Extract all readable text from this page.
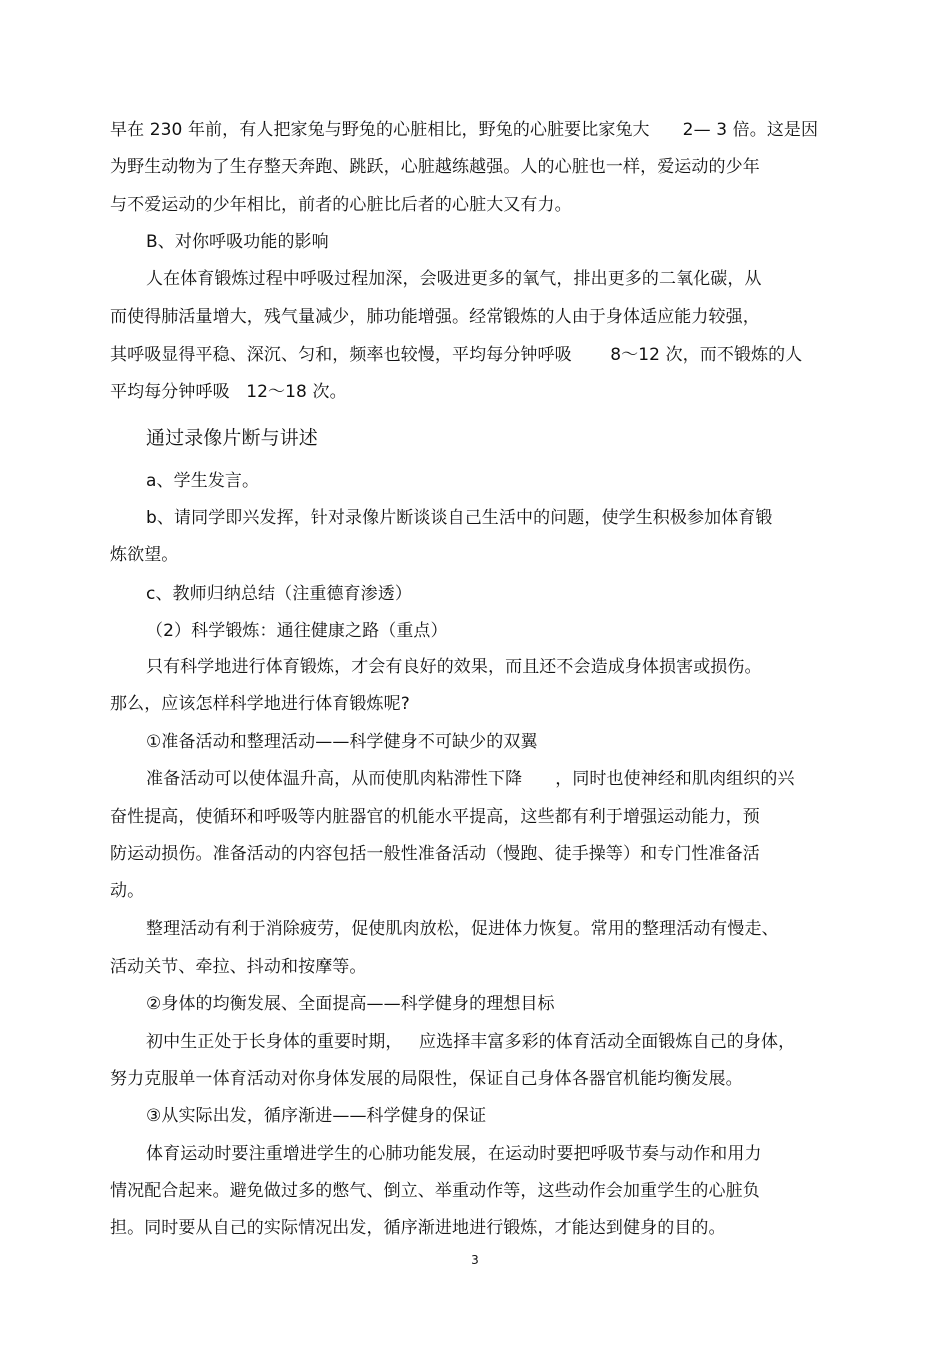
早在 230 年前，有人把家兔与野兔的心脏相比，野兔的心脏要比家兔大      2— 3 倍。这是因
为野生动物为了生存整天奔跑、跳跃，心脏越练越强。人的心脏也一样，爱运动的少年
与不爱运动的少年相比，前者的心脏比后者的心脏大又有力。
B、对你呼吸功能的影响
人在体育锻炼过程中呼吸过程加深，会吸进更多的氧气，排出更多的二氧化碳，从
而使得肺活量增大，残气量减少，肺功能增强。经常锻炼的人由于身体适应能力较强，
其呼吸显得平稳、深沉、匀和，频率也较慢，平均每分钟呼吸       8～12 次，而不锻炼的人
平均每分钟呼吸   12～18 次。
通过录像片断与讲述
a、学生发言。
b、请同学即兴发挥，针对录像片断谈谈自己生活中的问题，使学生积极参加体育锻
炼欲望。
c、教师归纳总结（注重德育渗透）
（2）科学锻炼：通往健康之路（重点）
只有科学地进行体育锻炼，才会有良好的效果，而且还不会造成身体损害或损伤。
那么，应该怎样科学地进行体育锻炼呢?
①准备活动和整理活动——科学健身不可缺少的双翼
准备活动可以使体温升高，从而使肌肉粘滞性下降      ，同时也使神经和肌肉组织的兴
奋性提高，使循环和呼吸等内脏器官的机能水平提高，这些都有利于增强运动能力，预
防运动损伤。准备活动的内容包括一般性准备活动（慢跑、徒手操等）和专门性准备活
动。
整理活动有利于消除疲劳，促使肌肉放松，促进体力恢复。常用的整理活动有慢走、
活动关节、牵拉、抖动和按摩等。
②身体的均衡发展、全面提高——科学健身的理想目标
初中生正处于长身体的重要时期，   应选择丰富多彩的体育活动全面锻炼自己的身体，
努力克服单一体育活动对你身体发展的局限性，保证自己身体各器官机能均衡发展。
③从实际出发，循序渐进——科学健身的保证
体育运动时要注重增进学生的心肺功能发展，在运动时要把呼吸节奏与动作和用力
情况配合起来。避免做过多的憋气、倒立、举重动作等，这些动作会加重学生的心脏负
担。同时要从自己的实际情况出发，循序渐进地进行锻炼，才能达到健身的目的。
3
